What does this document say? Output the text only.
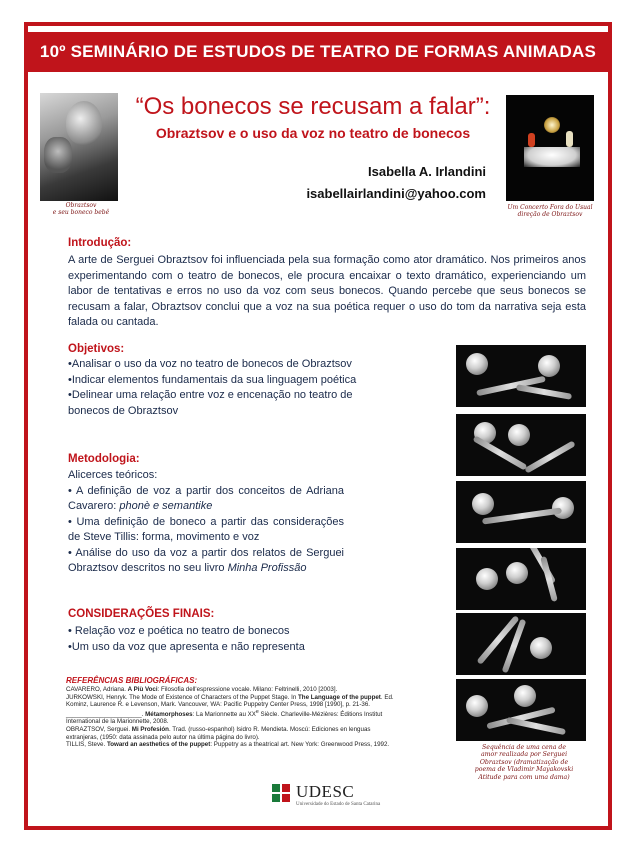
10º SEMINÁRIO DE ESTUDOS DE TEATRO DE FORMAS ANIMADAS
Obraztsov
e seu boneco bebê
Um Concerto Fora do Usual
direção de Obraztsov
“Os bonecos se recusam a falar”:
Obraztsov e o uso da voz no teatro de bonecos
Isabella A. Irlandini
isabellairlandini@yahoo.com
Introdução:
A arte de Serguei Obraztsov foi influenciada pela sua formação como ator dramático. Nos primeiros anos experimentando com o teatro de bonecos, ele procura encaixar o texto dramático, experienciando um labor de tentativas e erros no uso da voz com seus bonecos. Quando percebe que seus bonecos se recusam a falar, Obraztsov conclui que a voz na sua poética requer o uso do tom da narrativa seja esta falada ou cantada.
Objetivos:
•Analisar o uso da voz no teatro de bonecos de Obraztsov
•Indicar elementos fundamentais da sua linguagem poética
•Delinear uma relação entre voz e encenação no teatro de bonecos de Obraztsov
Metodologia:
Alicerces teóricos:
• A definição de voz a partir dos conceitos de Adriana Cavarero: phonè e semantike
• Uma definição de boneco a partir das considerações de Steve Tillis: forma, movimento e voz
• Análise do uso da voz a partir dos relatos de Serguei Obraztsov descritos no seu livro Minha Profissão
CONSIDERAÇÕES FINAIS:
• Relação voz e poética no teatro de bonecos
•Um uso da voz que apresenta e não representa
REFERÊNCIAS BIBLIOGRÁFICAS:
CAVARERO, Adriana. A Più Voci: Filosofia dell'espressione vocale. Milano: Feltrinelli, 2010 [2003].
JURKOWSKI, Henryk. The Mode of Existence of Characters of the Puppet Stage. In The Language of the puppet. Ed. Kominz, Laurence R. e Levenson, Mark. Vancouver, WA: Pacific Puppetry Center Press, 1998 [1990], p. 21-36.
______________________. Métamorphoses: La Marionnette au XXe Siècle. Charleville-Mézières: Éditions Institut International de la Marionnette, 2008.
OBRAZTSOV, Serguei. Mi Profesión. Trad. (russo-espanhol) Isidro R. Mendieta. Moscú: Ediciones en lenguas extranjeras, (1950: data assinada pelo autor na última página do livro).
TILLIS, Steve. Toward an aesthetics of the puppet: Puppetry as a theatrical art. New York: Greenwood Press, 1992.	Sequência de uma cena de
amor realizada por Serguei
Obraztsov (dramatização de
poema de Vladimir Mayakovski
Atitude para com uma dama)
UDESC
Universidade do Estado de Santa Catarina
